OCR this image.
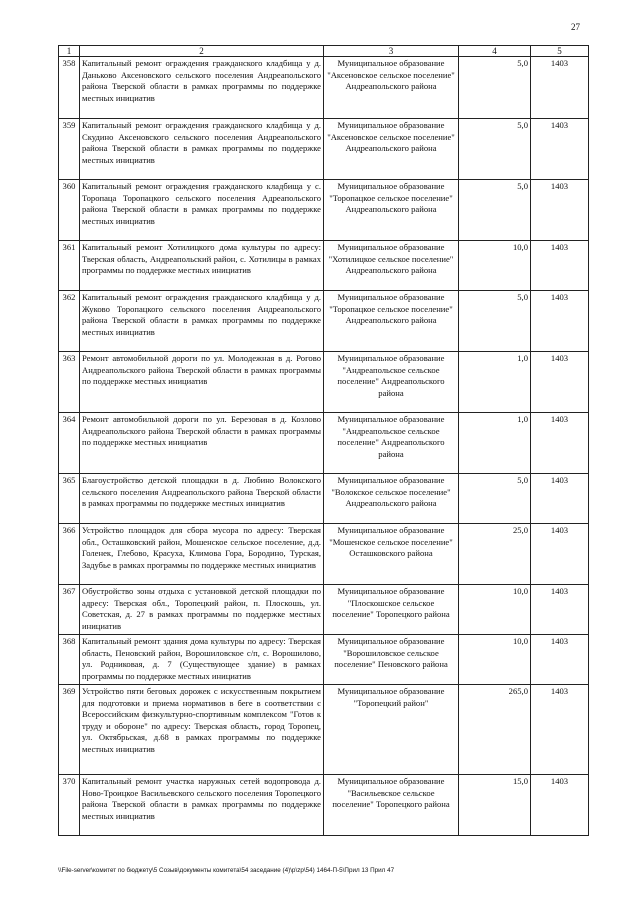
27
1	2	3	4	5
358	Капитальный ремонт ограждения гражданского кладбища у д. Даньково Аксеновского сельского поселения Андреапольского района Тверской области в рамках программы по поддержке местных инициатив	Муниципальное образование "Аксеновское сельское поселение" Андреапольского района	5,0	1403
359	Капитальный ремонт ограждения гражданского кладбища у д. Скудино Аксеновского сельского поселения Андреапольского района Тверской области в рамках программы по поддержке местных инициатив	Муниципальное образование "Аксеновское сельское поселение" Андреапольского района	5,0	1403
360	Капитальный ремонт ограждения гражданского кладбища у с. Торопаца Торопацкого сельского поселения Адреапольского района Тверской области в рамках программы по поддержке местных инициатив	Муниципальное образование "Торопацкое сельское поселение" Андреапольского района	5,0	1403
361	Капитальный ремонт Хотилицкого дома культуры по адресу: Тверская область, Андреапольский район, с. Хотилицы в рамках программы по поддержке местных инициатив	Муниципальное образование "Хотилицкое сельское поселение" Андреапольского района	10,0	1403
362	Капитальный ремонт ограждения гражданского кладбища у д. Жуково Торопацкого сельского поселения Андреапольского района Тверской области в рамках программы по поддержке местных инициатив	Муниципальное образование "Торопацкое сельское поселение" Андреапольского района	5,0	1403
363	Ремонт автомобильной дороги по ул. Молодежная в д. Рогово Андреапольского района Тверской области в рамках программы по поддержке местных инициатив	Муниципальное образование "Андреапольское сельское поселение" Андреапольского района	1,0	1403
364	Ремонт автомобильной дороги по ул. Березовая в д. Козлово Андреапольского района Тверской области в рамках программы по поддержке местных инициатив	Муниципальное образование "Андреапольское сельское поселение" Андреапольского района	1,0	1403
365	Благоустройство детской площадки в д. Любино Волокского сельского поселения Андреапольского района Тверской области в рамках программы по поддержке местных инициатив	Муниципальное образование "Волокское сельское поселение" Андреапольского района	5,0	1403
366	Устройство площадок для сбора мусора по адресу: Тверская обл., Осташковский район, Мошенское сельское поселение, д.д. Голенек, Глебово, Красуха, Климова Гора, Бородино, Турская, Задубье в рамках программы по поддержке местных инициатив	Муниципальное образование "Мошенское сельское поселение" Осташковского района	25,0	1403
367	Обустройство зоны отдыха с установкой детской площадки по адресу: Тверская обл., Торопецкий район, п. Плоскошь, ул. Советская, д. 27 в рамках программы по поддержке местных инициатив	Муниципальное образование "Плоскошское сельское поселение" Торопецкого района	10,0	1403
368	Капитальный ремонт здания дома культуры по адресу: Тверская область, Пеновский район, Ворошиловское с/п, с. Ворошилово, ул. Родниковая, д. 7 (Существующее здание) в рамках программы по поддержке местных инициатив	Муниципальное образование "Ворошиловское сельское поселение" Пеновского района	10,0	1403
369	Устройство пяти беговых дорожек с искусственным покрытием для подготовки и приема нормативов в беге в соответствии с Всероссийским физкультурно-спортивным комплексом "Готов к труду и обороне" по адресу: Тверская область, город Торопец, ул. Октябрьская, д.68 в рамках программы по поддержке местных инициатив	Муниципальное образование "Торопецкий район"	265,0	1403
370	Капитальный ремонт участка наружных сетей водопровода д. Ново-Троицкое Васильевского сельского поселения Торопецкого района Тверской области в рамках программы по поддержке местных инициатив	Муниципальное образование "Васильевское сельское поселение" Торопецкого района	15,0	1403
\\File-server\комитет по бюджету\5 Созыв\документы комитета\54 заседание (4)\p\zp\54) 1464-П-5\Прил 13 Прил 47
